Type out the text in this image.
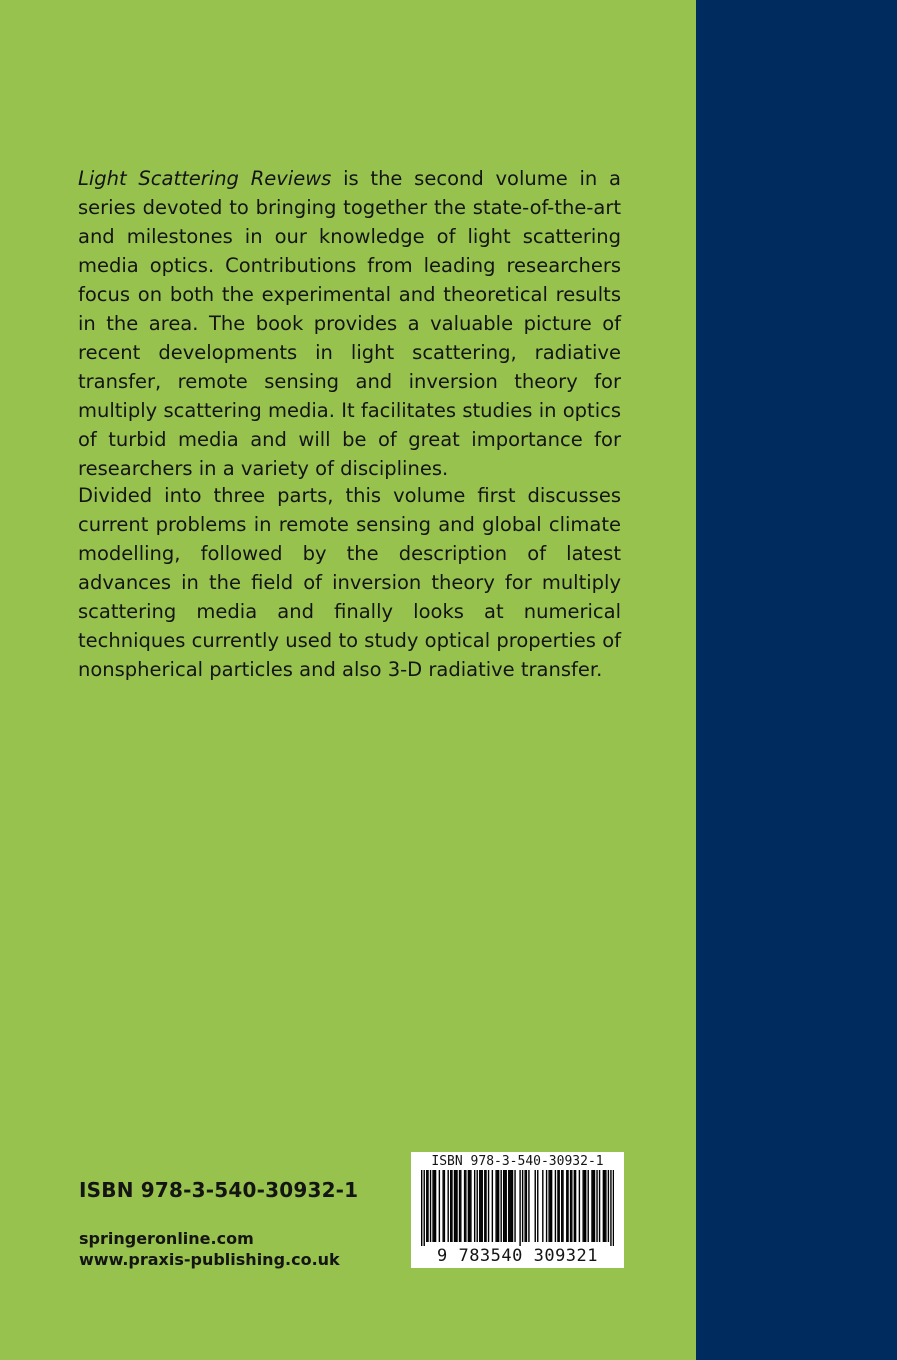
Light Scattering Reviews is the second volume in a series devoted to bringing together the state-of-the-art and milestones in our knowledge of light scattering media optics. Contributions from leading researchers focus on both the experimental and theoretical results in the area. The book provides a valuable picture of recent developments in light scattering, radiative transfer, remote sensing and inversion theory for multiply scattering media. It facilitates studies in optics of turbid media and will be of great importance for researchers in a variety of disciplines.

Divided into three parts, this volume first discusses current problems in remote sensing and global climate modelling, followed by the description of latest advances in the field of inversion theory for multiply scattering media and finally looks at numerical techniques currently used to study optical properties of nonspherical particles and also 3-D radiative transfer.

ISBN 978-3-540-30932-1
springeronline.com
www.praxis-publishing.co.uk
ISBN 978-3-540-30932-1
9 783540 309321
